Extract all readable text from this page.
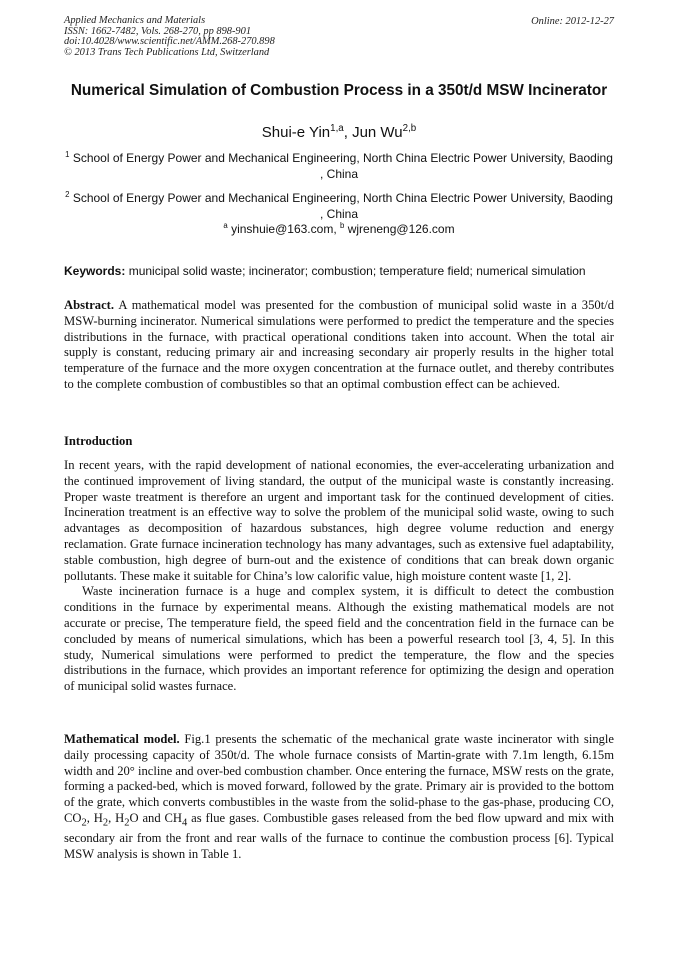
Applied Mechanics and Materials
ISSN: 1662-7482, Vols. 268-270, pp 898-901
doi:10.4028/www.scientific.net/AMM.268-270.898
© 2013 Trans Tech Publications Ltd, Switzerland
Online: 2012-12-27
Numerical Simulation of Combustion Process in a 350t/d MSW Incinerator
Shui-e Yin$^{1,a}$, Jun Wu$^{2,b}$
$^1$ School of Energy Power and Mechanical Engineering, North China Electric Power University, Baoding , China
$^2$ School of Energy Power and Mechanical Engineering, North China Electric Power University, Baoding , China
$^a$ yinshuie@163.com, $^b$ wjreneng@126.com
Keywords: municipal solid waste; incinerator; combustion; temperature field; numerical simulation

Abstract. A mathematical model was presented for the combustion of municipal solid waste in a 350t/d MSW-burning incinerator. Numerical simulations were performed to predict the temperature and the species distributions in the furnace, with practical operational conditions taken into account. When the total air supply is constant, reducing primary air and increasing secondary air properly results in the higher total temperature of the furnace and the more oxygen concentration at the furnace outlet, and thereby contributes to the complete combustion of combustibles so that an optimal combustion effect can be achieved.

Introduction

In recent years, with the rapid development of national economies, the ever-accelerating urbanization and the continued improvement of living standard, the output of the municipal waste is constantly increasing. Proper waste treatment is therefore an urgent and important task for the continued development of cities. Incineration treatment is an effective way to solve the problem of the municipal solid waste, owing to such advantages as decomposition of hazardous substances, high degree volume reduction and energy reclamation. Grate furnace incineration technology has many advantages, such as extensive fuel adaptability, stable combustion, high degree of burn-out and the existence of conditions that can break down organic pollutants. These make it suitable for China’s low calorific value, high moisture content waste [1, 2].

Waste incineration furnace is a huge and complex system, it is difficult to detect the combustion conditions in the furnace by experimental means. Although the existing mathematical models are not accurate or precise, The temperature field, the speed field and the concentration field in the furnace can be concluded by means of numerical simulations, which has been a powerful research tool [3, 4, 5]. In this study, Numerical simulations were performed to predict the temperature, the flow and the species distributions in the furnace, which provides an important reference for optimizing the design and operation of municipal solid wastes furnace.

Mathematical model. Fig.1 presents the schematic of the mechanical grate waste incinerator with single daily processing capacity of 350t/d. The whole furnace consists of Martin-grate with 7.1m length, 6.15m width and 20° incline and over-bed combustion chamber. Once entering the furnace, MSW rests on the grate, forming a packed-bed, which is moved forward, followed by the grate. Primary air is provided to the bottom of the grate, which converts combustibles in the waste from the solid-phase to the gas-phase, producing CO, $CO_2$, $H_2$, $H_2O$ and $CH_4$ as flue gases. Combustible gases released from the bed flow upward and mix with secondary air from the front and rear walls of the furnace to continue the combustion process [6]. Typical MSW analysis is shown in Table 1.
